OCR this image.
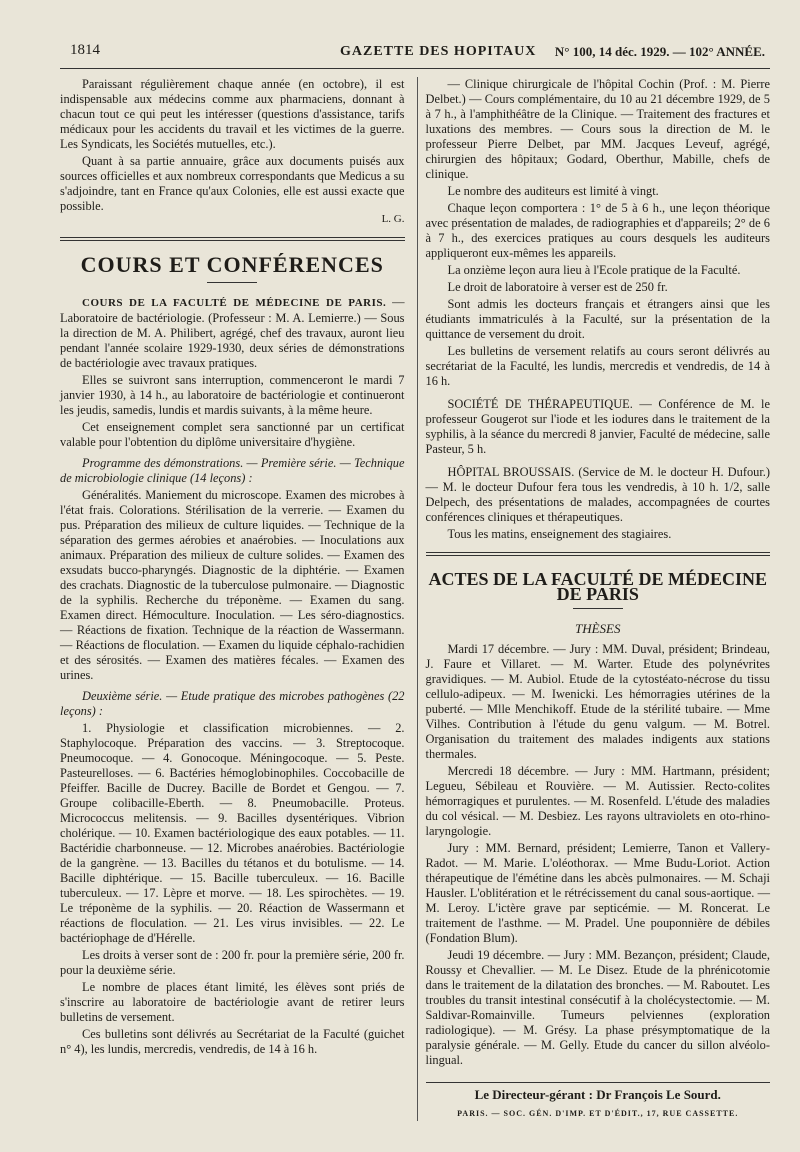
1814	GAZETTE DES HOPITAUX N° 100, 14 déc. 1929. — 102° ANNÉE.

Paraissant régulièrement chaque année (en octobre), il est indispensable aux médecins comme aux pharmaciens, donnant à chacun tout ce qui peut les intéresser (questions d'assistance, tarifs médicaux pour les accidents du travail et les victimes de la guerre. Les Syndicats, les Sociétés mutuelles, etc.).

Quant à sa partie annuaire, grâce aux documents puisés aux sources officielles et aux nombreux correspondants que Medicus a su s'adjoindre, tant en France qu'aux Colonies, elle est aussi exacte que possible.

L. G.
COURS ET CONFÉRENCES

COURS DE LA FACULTÉ DE MÉDECINE DE PARIS. — Laboratoire de bactériologie. (Professeur : M. A. Lemierre.) — Sous la direction de M. A. Philibert, agrégé, chef des travaux, auront lieu pendant l'année scolaire 1929-1930, deux séries de démonstrations de bactériologie avec travaux pratiques.

Elles se suivront sans interruption, commenceront le mardi 7 janvier 1930, à 14 h., au laboratoire de bactériologie et continueront les jeudis, samedis, lundis et mardis suivants, à la même heure.

Cet enseignement complet sera sanctionné par un certificat valable pour l'obtention du diplôme universitaire d'hygiène.

Programme des démonstrations. — Première série. — Technique de microbiologie clinique (14 leçons) :

Généralités. Maniement du microscope. Examen des microbes à l'état frais. Colorations. Stérilisation de la verrerie. — Examen du pus. Préparation des milieux de culture liquides. — Technique de la séparation des germes aérobies et anaérobies. — Inoculations aux animaux. Préparation des milieux de culture solides. — Examen des exsudats bucco-pharyngés. Diagnostic de la diphtérie. — Examen des crachats. Diagnostic de la tuberculose pulmonaire. — Diagnostic de la syphilis. Recherche du tréponème. — Examen du sang. Examen direct. Hémoculture. Inoculation. — Les séro-diagnostics. — Réactions de fixation. Technique de la réaction de Wassermann. — Réactions de floculation. — Examen du liquide céphalo-rachidien et des sérosités. — Examen des matières fécales. — Examen des urines.

Deuxième série. — Etude pratique des microbes pathogènes (22 leçons) :

1. Physiologie et classification microbiennes. — 2. Staphylocoque. Préparation des vaccins. — 3. Streptocoque. Pneumocoque. — 4. Gonocoque. Méningocoque. — 5. Peste. Pasteurelloses. — 6. Bactéries hémoglobinophiles. Coccobacille de Pfeiffer. Bacille de Ducrey. Bacille de Bordet et Gengou. — 7. Groupe colibacille-Eberth. — 8. Pneumobacille. Proteus. Micrococcus melitensis. — 9. Bacilles dysentériques. Vibrion cholérique. — 10. Examen bactériologique des eaux potables. — 11. Bactéridie charbonneuse. — 12. Microbes anaérobies. Bactériologie de la gangrène. — 13. Bacilles du tétanos et du botulisme. — 14. Bacille diphtérique. — 15. Bacille tuberculeux. — 16. Bacille tuberculeux. — 17. Lèpre et morve. — 18. Les spirochètes. — 19. Le tréponème de la syphilis. — 20. Réaction de Wassermann et réactions de floculation. — 21. Les virus invisibles. — 22. Le bactériophage de d'Hérelle.

Les droits à verser sont de : 200 fr. pour la première série, 200 fr. pour la deuxième série.

Le nombre de places étant limité, les élèves sont priés de s'inscrire au laboratoire de bactériologie avant de retirer leurs bulletins de versement.

Ces bulletins sont délivrés au Secrétariat de la Faculté (guichet n° 4), les lundis, mercredis, vendredis, de 14 à 16 h.

— Clinique chirurgicale de l'hôpital Cochin (Prof. : M. Pierre Delbet.) — Cours complémentaire, du 10 au 21 décembre 1929, de 5 à 7 h., à l'amphithéâtre de la Clinique. — Traitement des fractures et luxations des membres. — Cours sous la direction de M. le professeur Pierre Delbet, par MM. Jacques Leveuf, agrégé, chirurgien des hôpitaux; Godard, Oberthur, Mabille, chefs de clinique.

Le nombre des auditeurs est limité à vingt.

Chaque leçon comportera : 1° de 5 à 6 h., une leçon théorique avec présentation de malades, de radiographies et d'appareils; 2° de 6 à 7 h., des exercices pratiques au cours desquels les auditeurs appliqueront eux-mêmes les appareils.

La onzième leçon aura lieu à l'Ecole pratique de la Faculté.

Le droit de laboratoire à verser est de 250 fr.

Sont admis les docteurs français et étrangers ainsi que les étudiants immatriculés à la Faculté, sur la présentation de la quittance de versement du droit.

Les bulletins de versement relatifs au cours seront délivrés au secrétariat de la Faculté, les lundis, mercredis et vendredis, de 14 à 16 h.

SOCIÉTÉ DE THÉRAPEUTIQUE. — Conférence de M. le professeur Gougerot sur l'iode et les iodures dans le traitement de la syphilis, à la séance du mercredi 8 janvier, Faculté de médecine, salle Pasteur, 5 h.

HÔPITAL BROUSSAIS. (Service de M. le docteur H. Dufour.) — M. le docteur Dufour fera tous les vendredis, à 10 h. 1/2, salle Delpech, des présentations de malades, accompagnées de courtes conférences cliniques et thérapeutiques.

Tous les matins, enseignement des stagiaires.

ACTES DE LA FACULTÉ DE MÉDECINE DE PARIS
THÈSES

Mardi 17 décembre. — Jury : MM. Duval, président; Brindeau, J. Faure et Villaret. — M. Warter. Etude des polynévrites gravidiques. — M. Aubiol. Etude de la cytostéato-nécrose du tissu cellulo-adipeux. — M. Iwenicki. Les hémorragies utérines de la puberté. — Mlle Menchikoff. Etude de la stérilité tubaire. — Mme Vilhes. Contribution à l'étude du genu valgum. — M. Botrel. Organisation du traitement des malades indigents aux stations thermales.

Mercredi 18 décembre. — Jury : MM. Hartmann, président; Legueu, Sébileau et Rouvière. — M. Autissier. Recto-colites hémorragiques et purulentes. — M. Rosenfeld. L'étude des maladies du col vésical. — M. Desbiez. Les rayons ultraviolets en oto-rhino-laryngologie.

Jury : MM. Bernard, président; Lemierre, Tanon et Vallery-Radot. — M. Marie. L'oléothorax. — Mme Budu-Loriot. Action thérapeutique de l'émétine dans les abcès pulmonaires. — M. Schaji Hausler. L'oblitération et le rétrécissement du canal sous-aortique. — M. Leroy. L'ictère grave par septicémie. — M. Roncerat. Le traitement de l'asthme. — M. Pradel. Une pouponnière de débiles (Fondation Blum).

Jeudi 19 décembre. — Jury : MM. Bezançon, président; Claude, Roussy et Chevallier. — M. Le Disez. Etude de la phrénicotomie dans le traitement de la dilatation des bronches. — M. Raboutet. Les troubles du transit intestinal consécutif à la cholécystectomie. — M. Saldivar-Romainville. Tumeurs pelviennes (exploration radiologique). — M. Grésy. La phase présymptomatique de la paralysie générale. — M. Gelly. Etude du cancer du sillon alvéolo-lingual.

Le Directeur-gérant : Dr François Le Sourd.
PARIS. — SOC. GÉN. D'IMP. ET D'ÉDIT., 17, RUE CASSETTE.
